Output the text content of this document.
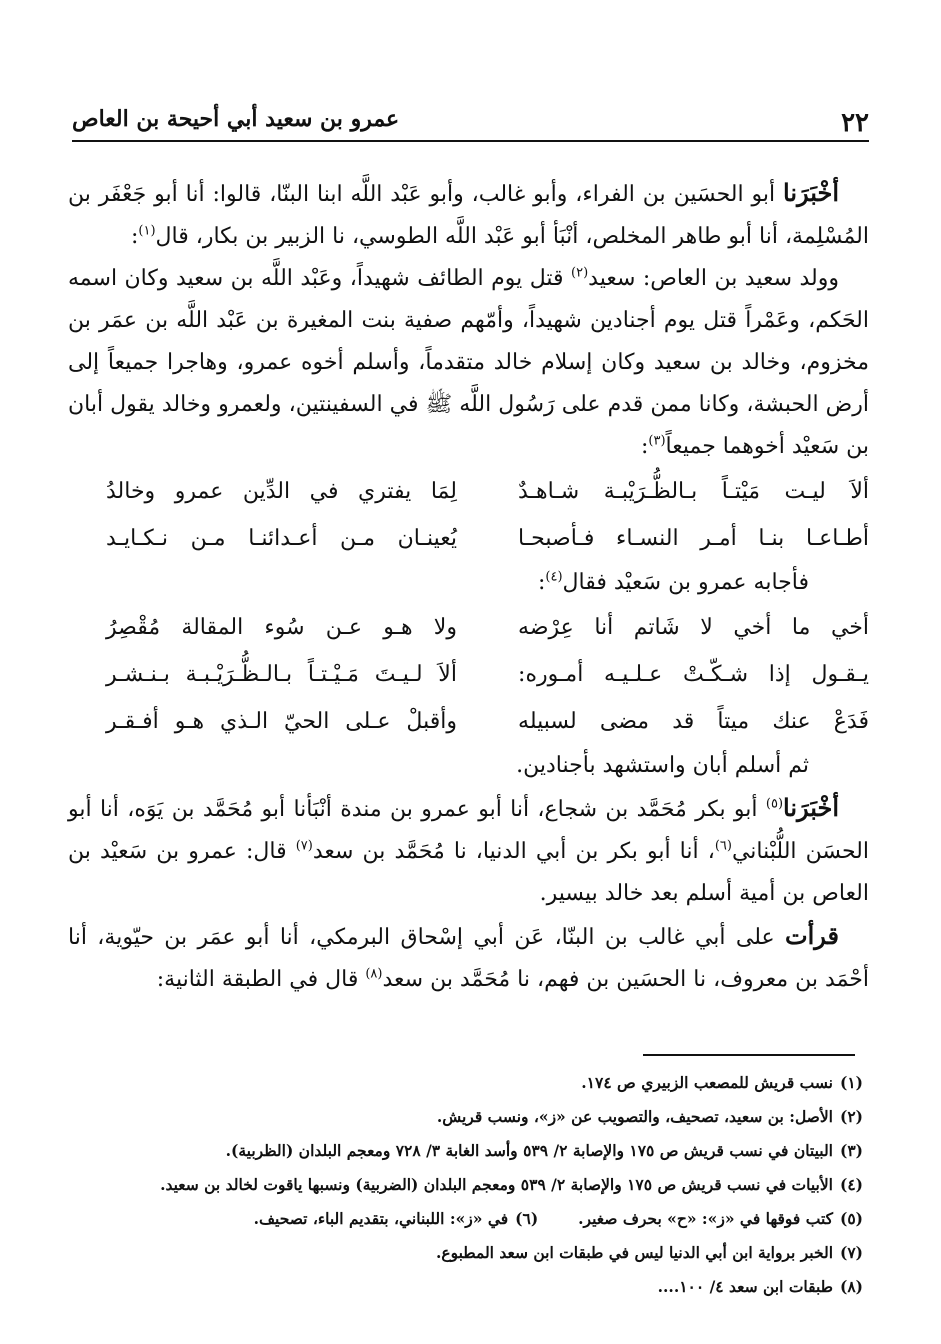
٢٢
عمرو بن سعيد أبي أحيحة بن العاص

أخْبَرَنا أبو الحسَين بن الفراء، وأبو غالب، وأبو عَبْد اللَّه ابنا البنّا، قالوا: أنا أبو جَعْفَر بن المُسْلِمة، أنا أبو طاهر المخلص، أنْبَأ أبو عَبْد اللَّه الطوسي، نا الزبير بن بكار، قال$^{(١)}$:

وولد سعيد بن العاص: سعيد$^{(٢)}$ قتل يوم الطائف شهيداً، وعَبْد اللَّه بن سعيد وكان اسمه الحَكم، وعَمْراً قتل يوم أجنادين شهيداً، وأمّهم صفية بنت المغيرة بن عَبْد اللَّه بن عمَر بن مخزوم، وخالد بن سعيد وكان إسلام خالد متقدماً، وأسلم أخوه عمرو، وهاجرا جميعاً إلى أرض الحبشة، وكانا ممن قدم على رَسُول اللَّه ﷺ في السفينتين، ولعمرو وخالد يقول أبان بن سَعيْد أخوهما جميعاً$^{(٣)}$:

ألاَ ليـت مَيْتـاً بـالظُّـرَيْبـة شـاهـدٌ
لِمَا يفتري في الدِّين عمرو وخالدُ
أطـاعـا بنـا أمـر النسـاء فـأصبحـا
يُعينـان مـن أعـدائنـا مـن نـكـايـد

فأجابه عمرو بن سَعيْد فقال$^{(٤)}$:

أخي ما أخي لا شَاتم أنا عِرْضه
ولا هـو عـن سُوء المقالة مُقْصِرُ
يـقـول إذا شـكّـتْ عـلـيـه أمـوره:
ألاَ لـيـتَ مَـيْـتـاً بـالـظُّـرَيْـبـة بـنـشـر
فَدَعْ عنك ميتاً قد مضى لسبيله
وأقبلْ عـلى الحيّ الـذي هـو أفـقـر

ثم أسلم أبان واستشهد بأجنادين.

أخْبَرَنا$^{(٥)}$ أبو بكر مُحَمَّد بن شجاع، أنا أبو عمرو بن مندة أنْبَأنا أبو مُحَمَّد بن يَوَه، أنا أبو الحسَن اللُّبْناني$^{(٦)}$، أنا أبو بكر بن أبي الدنيا، نا مُحَمَّد بن سعد$^{(٧)}$ قال: عمرو بن سَعيْد بن العاص بن أمية أسلم بعد خالد بيسير.

قرأت على أبي غالب بن البنّا، عَن أبي إسْحاق البرمكي، أنا أبو عمَر بن حيّوية، أنا أحْمَد بن معروف، نا الحسَين بن فهم، نا مُحَمَّد بن سعد$^{(٨)}$ قال في الطبقة الثانية:

(١)نسب قريش للمصعب الزبيري ص ١٧٤.
(٢)الأصل: بن سعيد، تصحيف، والتصويب عن «ز»، ونسب قريش.
(٣)البيتان في نسب قريش ص ١٧٥ والإصابة ٢/ ٥٣٩ وأسد الغابة ٣/ ٧٢٨ ومعجم البلدان (الظربية).
(٤)الأبيات في نسب قريش ص ١٧٥ والإصابة ٢/ ٥٣٩ ومعجم البلدان (الضربية) ونسبها ياقوت لخالد بن سعيد.
(٥)كتب فوقها في «ز»: «ح» بحرف صغير.(٦)في «ز»: اللبناني، بتقديم الباء، تصحيف.
(٧)الخبر برواية ابن أبي الدنيا ليس في طبقات ابن سعد المطبوع.
(٨)طبقات ابن سعد ٤/ ١٠٠....
